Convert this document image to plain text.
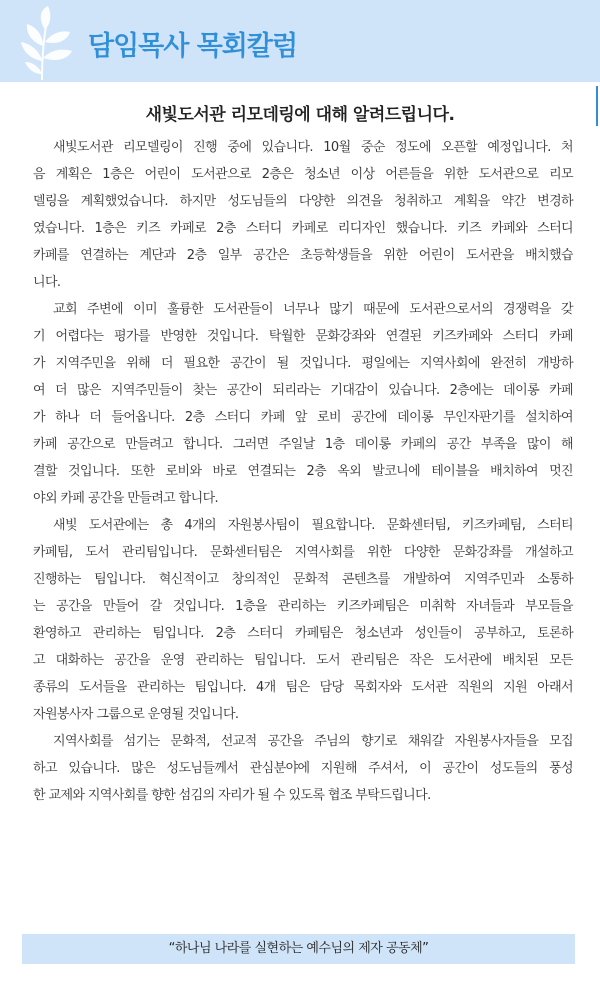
담임목사 목회칼럼
새빛도서관 리모데링에 대해 알려드립니다.

새빛도서관 리모델링이 진행 중에 있습니다. 10월 중순 정도에 오픈할 예정입니다. 처
음 계획은 1층은 어린이 도서관으로 2층은 청소년 이상 어른들을 위한 도서관으로 리모
델링을 계획했었습니다. 하지만 성도님들의 다양한 의견을 청취하고 계획을 약간 변경하
였습니다. 1층은 키즈 카페로 2층 스터디 카페로 리디자인 했습니다. 키즈 카페와 스터디
카페를 연결하는 계단과 2층 일부 공간은 초등학생들을 위한 어린이 도서관을 배치했습
니다.

교회 주변에 이미 훌륭한 도서관들이 너무나 많기 때문에 도서관으로서의 경쟁력을 갖
기 어렵다는 평가를 반영한 것입니다. 탁월한 문화강좌와 연결된 키즈카페와 스터디 카페
가 지역주민을 위해 더 필요한 공간이 될 것입니다. 평일에는 지역사회에 완전히 개방하
여 더 많은 지역주민들이 찾는 공간이 되리라는 기대감이 있습니다. 2층에는 데이롱 카페
가 하나 더 들어옵니다. 2층 스터디 카페 앞 로비 공간에 데이롱 무인자판기를 설치하여
카페 공간으로 만들려고 합니다. 그러면 주일날 1층 데이롱 카페의 공간 부족을 많이 해
결할 것입니다. 또한 로비와 바로 연결되는 2층 옥외 발코니에 테이블을 배치하여 멋진
야외 카페 공간을 만들려고 합니다.

새빛 도서관에는 총 4개의 자원봉사팀이 필요합니다. 문화센터팀, 키즈카페팀, 스터티
카페팀, 도서 관리팀입니다. 문화센터팀은 지역사회를 위한 다양한 문화강좌를 개설하고
진행하는 팀입니다. 혁신적이고 창의적인 문화적 콘텐츠를 개발하여 지역주민과 소통하
는 공간을 만들어 갈 것입니다. 1층을 관리하는 키즈카페팀은 미취학 자녀들과 부모들을
환영하고 관리하는 팀입니다. 2층 스터디 카페팀은 청소년과 성인들이 공부하고, 토론하
고 대화하는 공간을 운영 관리하는 팀입니다. 도서 관리팀은 작은 도서관에 배치된 모든
종류의 도서들을 관리하는 팀입니다. 4개 팀은 담당 목회자와 도서관 직원의 지원 아래서
자원봉사자 그룹으로 운영될 것입니다.

지역사회를 섬기는 문화적, 선교적 공간을 주님의 향기로 채워갈 자원봉사자들을 모집
하고 있습니다. 많은 성도님들께서 관심분야에 지원해 주셔서, 이 공간이 성도들의 풍성
한 교제와 지역사회를 향한 섬김의 자리가 될 수 있도록 협조 부탁드립니다.

“하나님 나라를 실현하는 예수님의 제자 공동체”
